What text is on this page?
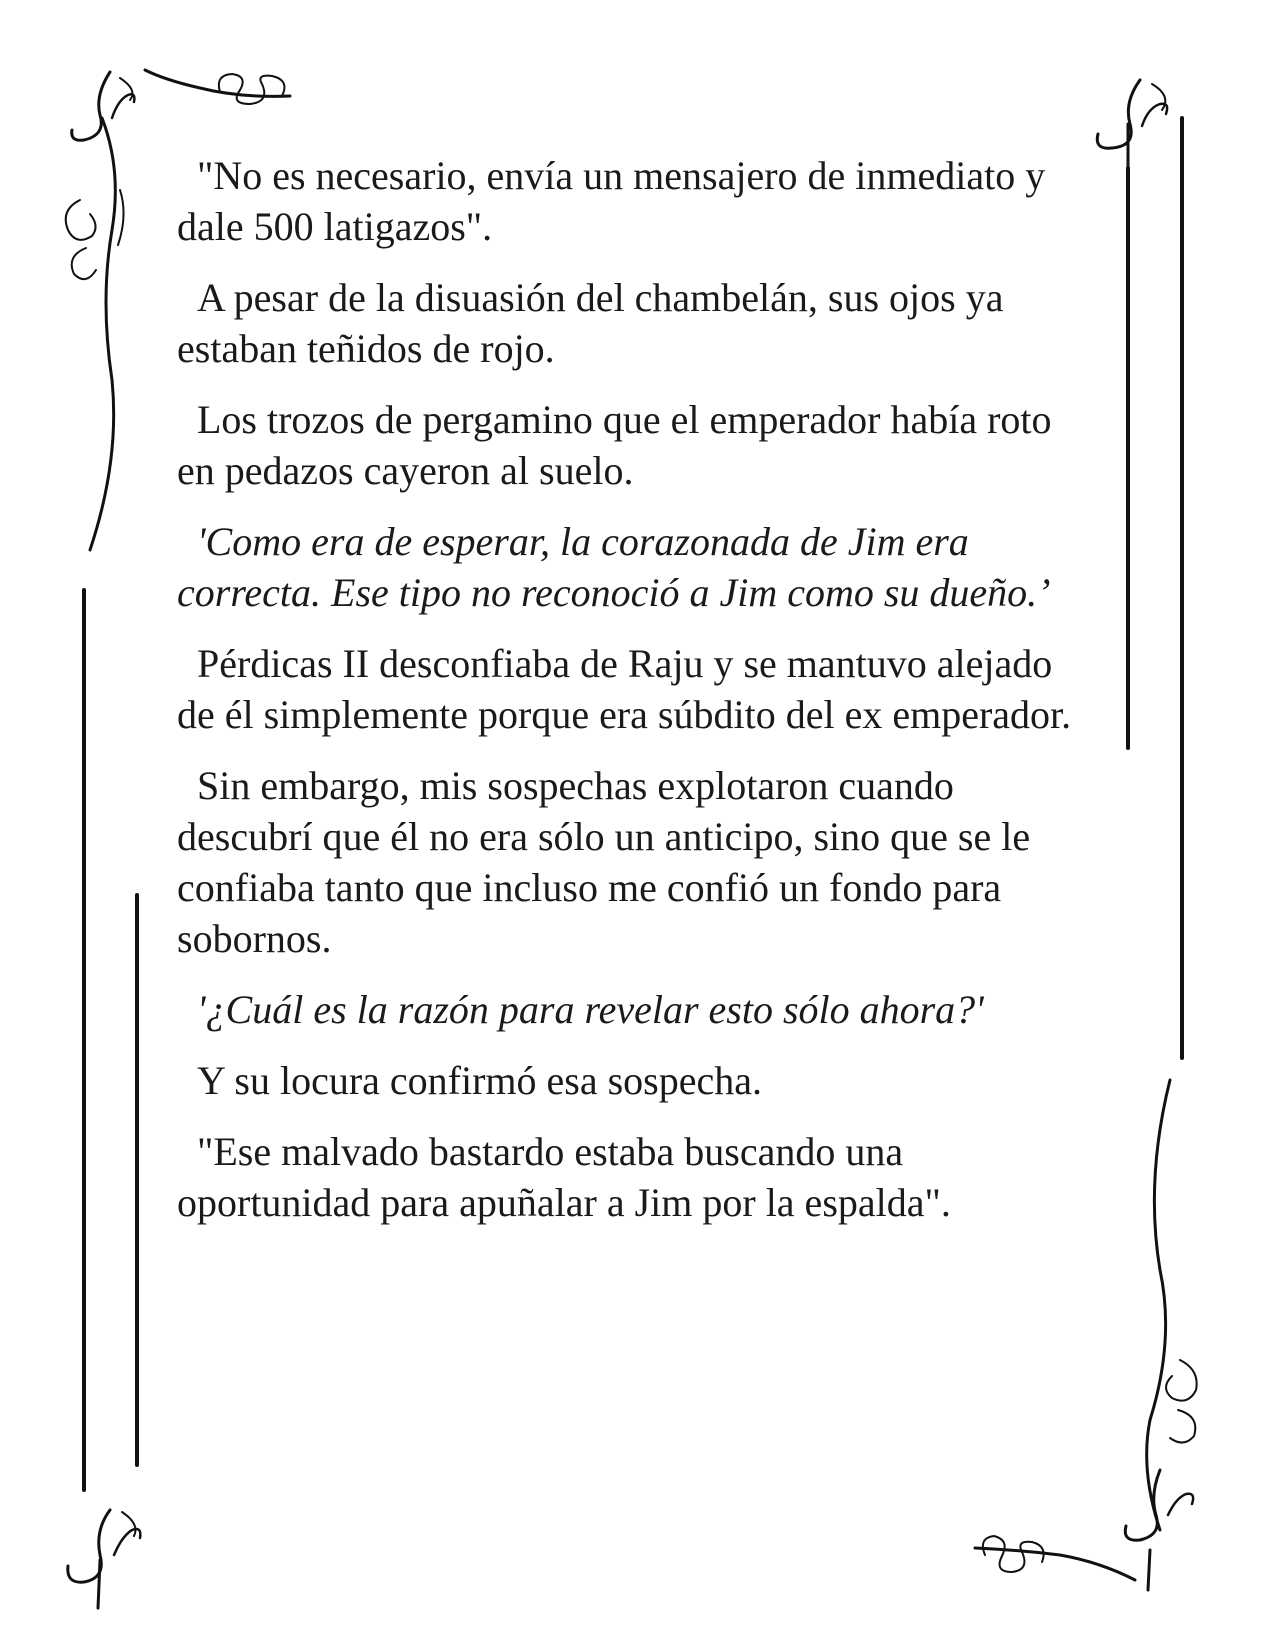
"No es necesario, envía un mensajero de inmediato y dale 500 latigazos".

A pesar de la disuasión del chambelán, sus ojos ya estaban teñidos de rojo.

Los trozos de pergamino que el emperador había roto en pedazos cayeron al suelo.

'Como era de esperar, la corazonada de Jim era correcta. Ese tipo no reconoció a Jim como su dueño.’

Pérdicas II desconfiaba de Raju y se mantuvo alejado de él simplemente porque era súbdito del ex emperador.

Sin embargo, mis sospechas explotaron cuando descubrí que él no era sólo un anticipo, sino que se le confiaba tanto que incluso me confió un fondo para sobornos.

'¿Cuál es la razón para revelar esto sólo ahora?'

Y su locura confirmó esa sospecha.

"Ese malvado bastardo estaba buscando una oportunidad para apuñalar a Jim por la espalda".
